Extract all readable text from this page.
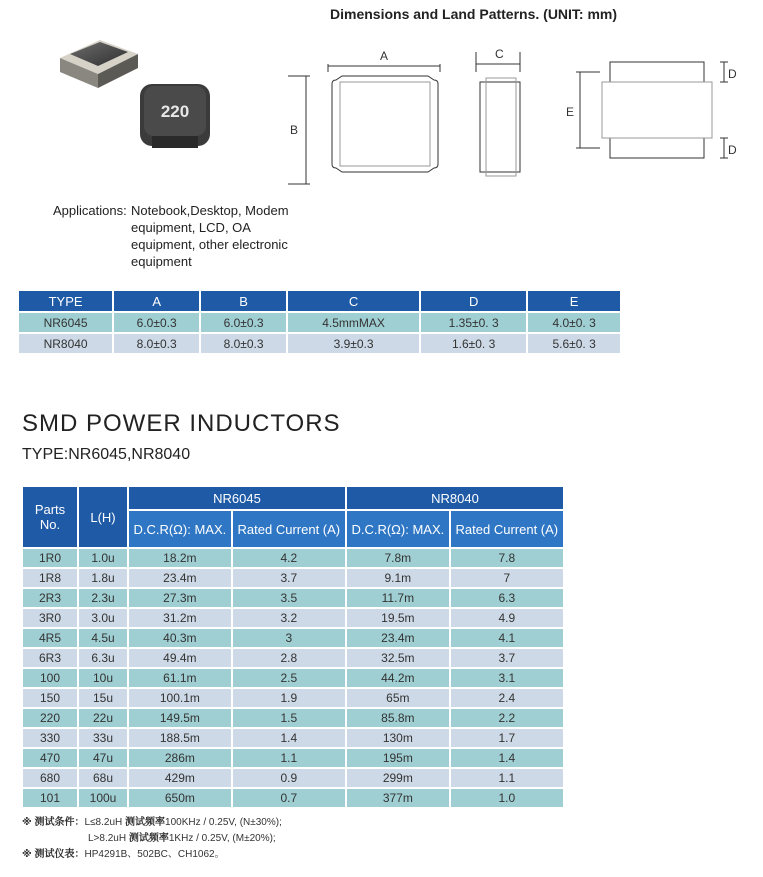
220
Dimensions and Land Patterns. (UNIT: mm)
A
B
C
D
D
E
Applications: Notebook,Desktop, Modem equipment, LCD, OA equipment, other electronic equipment
TYPE	A	B	C	D	E
NR6045	6.0±0.3	6.0±0.3	4.5mmMAX	1.35±0. 3	4.0±0. 3
NR8040	8.0±0.3	8.0±0.3	3.9±0.3	1.6±0. 3	5.6±0. 3
SMD POWER INDUCTORS
TYPE:NR6045,NR8040
Parts No.	L(H)	NR6045		NR8040	
		D.C.R(Ω): MAX.	Rated Current (A)	D.C.R(Ω): MAX.	Rated Current (A)
1R0	1.0u	18.2m	4.2	7.8m	7.8
1R8	1.8u	23.4m	3.7	9.1m	7
2R3	2.3u	27.3m	3.5	11.7m	6.3
3R0	3.0u	31.2m	3.2	19.5m	4.9
4R5	4.5u	40.3m	3	23.4m	4.1
6R3	6.3u	49.4m	2.8	32.5m	3.7
100	10u	61.1m	2.5	44.2m	3.1
150	15u	100.1m	1.9	65m	2.4
220	22u	149.5m	1.5	85.8m	2.2
330	33u	188.5m	1.4	130m	1.7
470	47u	286m	1.1	195m	1.4
680	68u	429m	0.9	299m	1.1
101	100u	650m	0.7	377m	1.0
※ 测试条件：L≤8.2uH 测试频率100KHz / 0.25V, (N±30%);
L>8.2uH 测试频率1KHz / 0.25V, (M±20%);
※ 测试仪表：HP4291B、502BC、CH1062。
